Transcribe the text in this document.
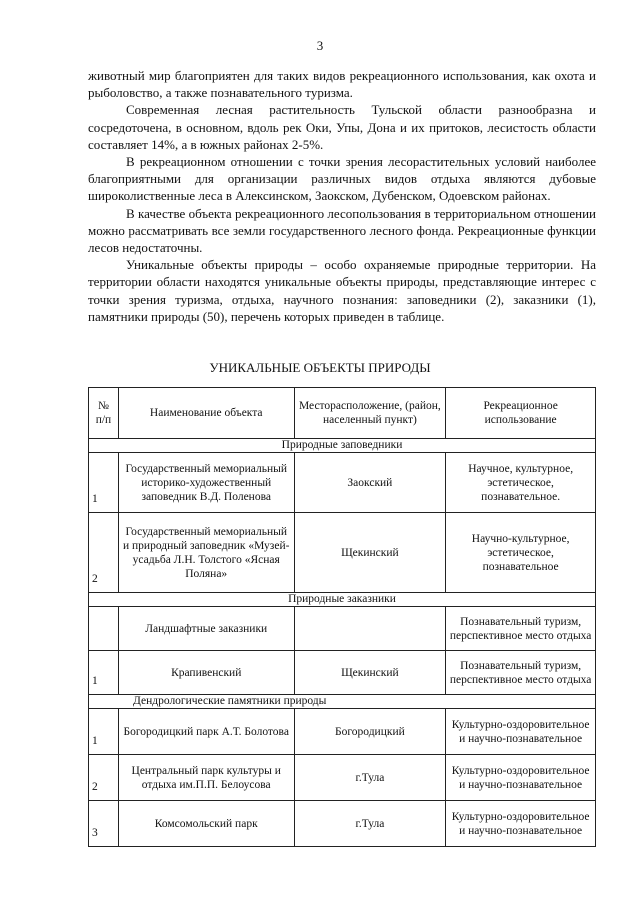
3

животный мир благоприятен для таких видов рекреационного использования, как охота и рыболовство, а также познавательного туризма.

Современная лесная растительность Тульской области разнообразна и сосредоточена, в основном, вдоль рек Оки, Упы, Дона и их притоков, лесистость области составляет 14%, а в южных районах 2-5%.

В рекреационном отношении с точки зрения лесорастительных условий наиболее благоприятными для организации различных видов отдыха являются дубовые широколиственные леса в Алексинском, Заокском, Дубенском, Одоевском районах.

В качестве объекта рекреационного лесопользования в территориальном отношении можно рассматривать все земли государственного лесного фонда. Рекреационные функции лесов недостаточны.

Уникальные объекты природы – особо охраняемые природные территории. На территории области находятся уникальные объекты природы, представляющие интерес с точки зрения туризма, отдыха, научного познания: заповедники (2), заказники (1), памятники природы (50), перечень которых приведен в таблице.

УНИКАЛЬНЫЕ ОБЪЕКТЫ ПРИРОДЫ
№ п/п	Наименование объекта	Месторасположение, (район, населенный пункт)	Рекреационное использование
Природные заповедники			
1	Государственный мемориальный историко-художественный заповедник В.Д. Поленова	Заокский	Научное, культурное, эстетическое, познавательное.
2	Государственный мемориальный и природный заповедник «Музей-усадьба Л.Н. Толстого «Ясная Поляна»	Щекинский	Научно-культурное, эстетическое, познавательное
Природные заказники			
	Ландшафтные заказники		Познавательный туризм, перспективное место отдыха
1	Крапивенский	Щекинский	Познавательный туризм, перспективное место отдыха
Дендрологические памятники природы			
1	Богородицкий парк А.Т. Болотова	Богородицкий	Культурно-оздоровительное и научно-познавательное
2	Центральный парк культуры и отдыха им.П.П. Белоусова	г.Тула	Культурно-оздоровительное и научно-познавательное
3	Комсомольский парк	г.Тула	Культурно-оздоровительное и научно-познавательное
